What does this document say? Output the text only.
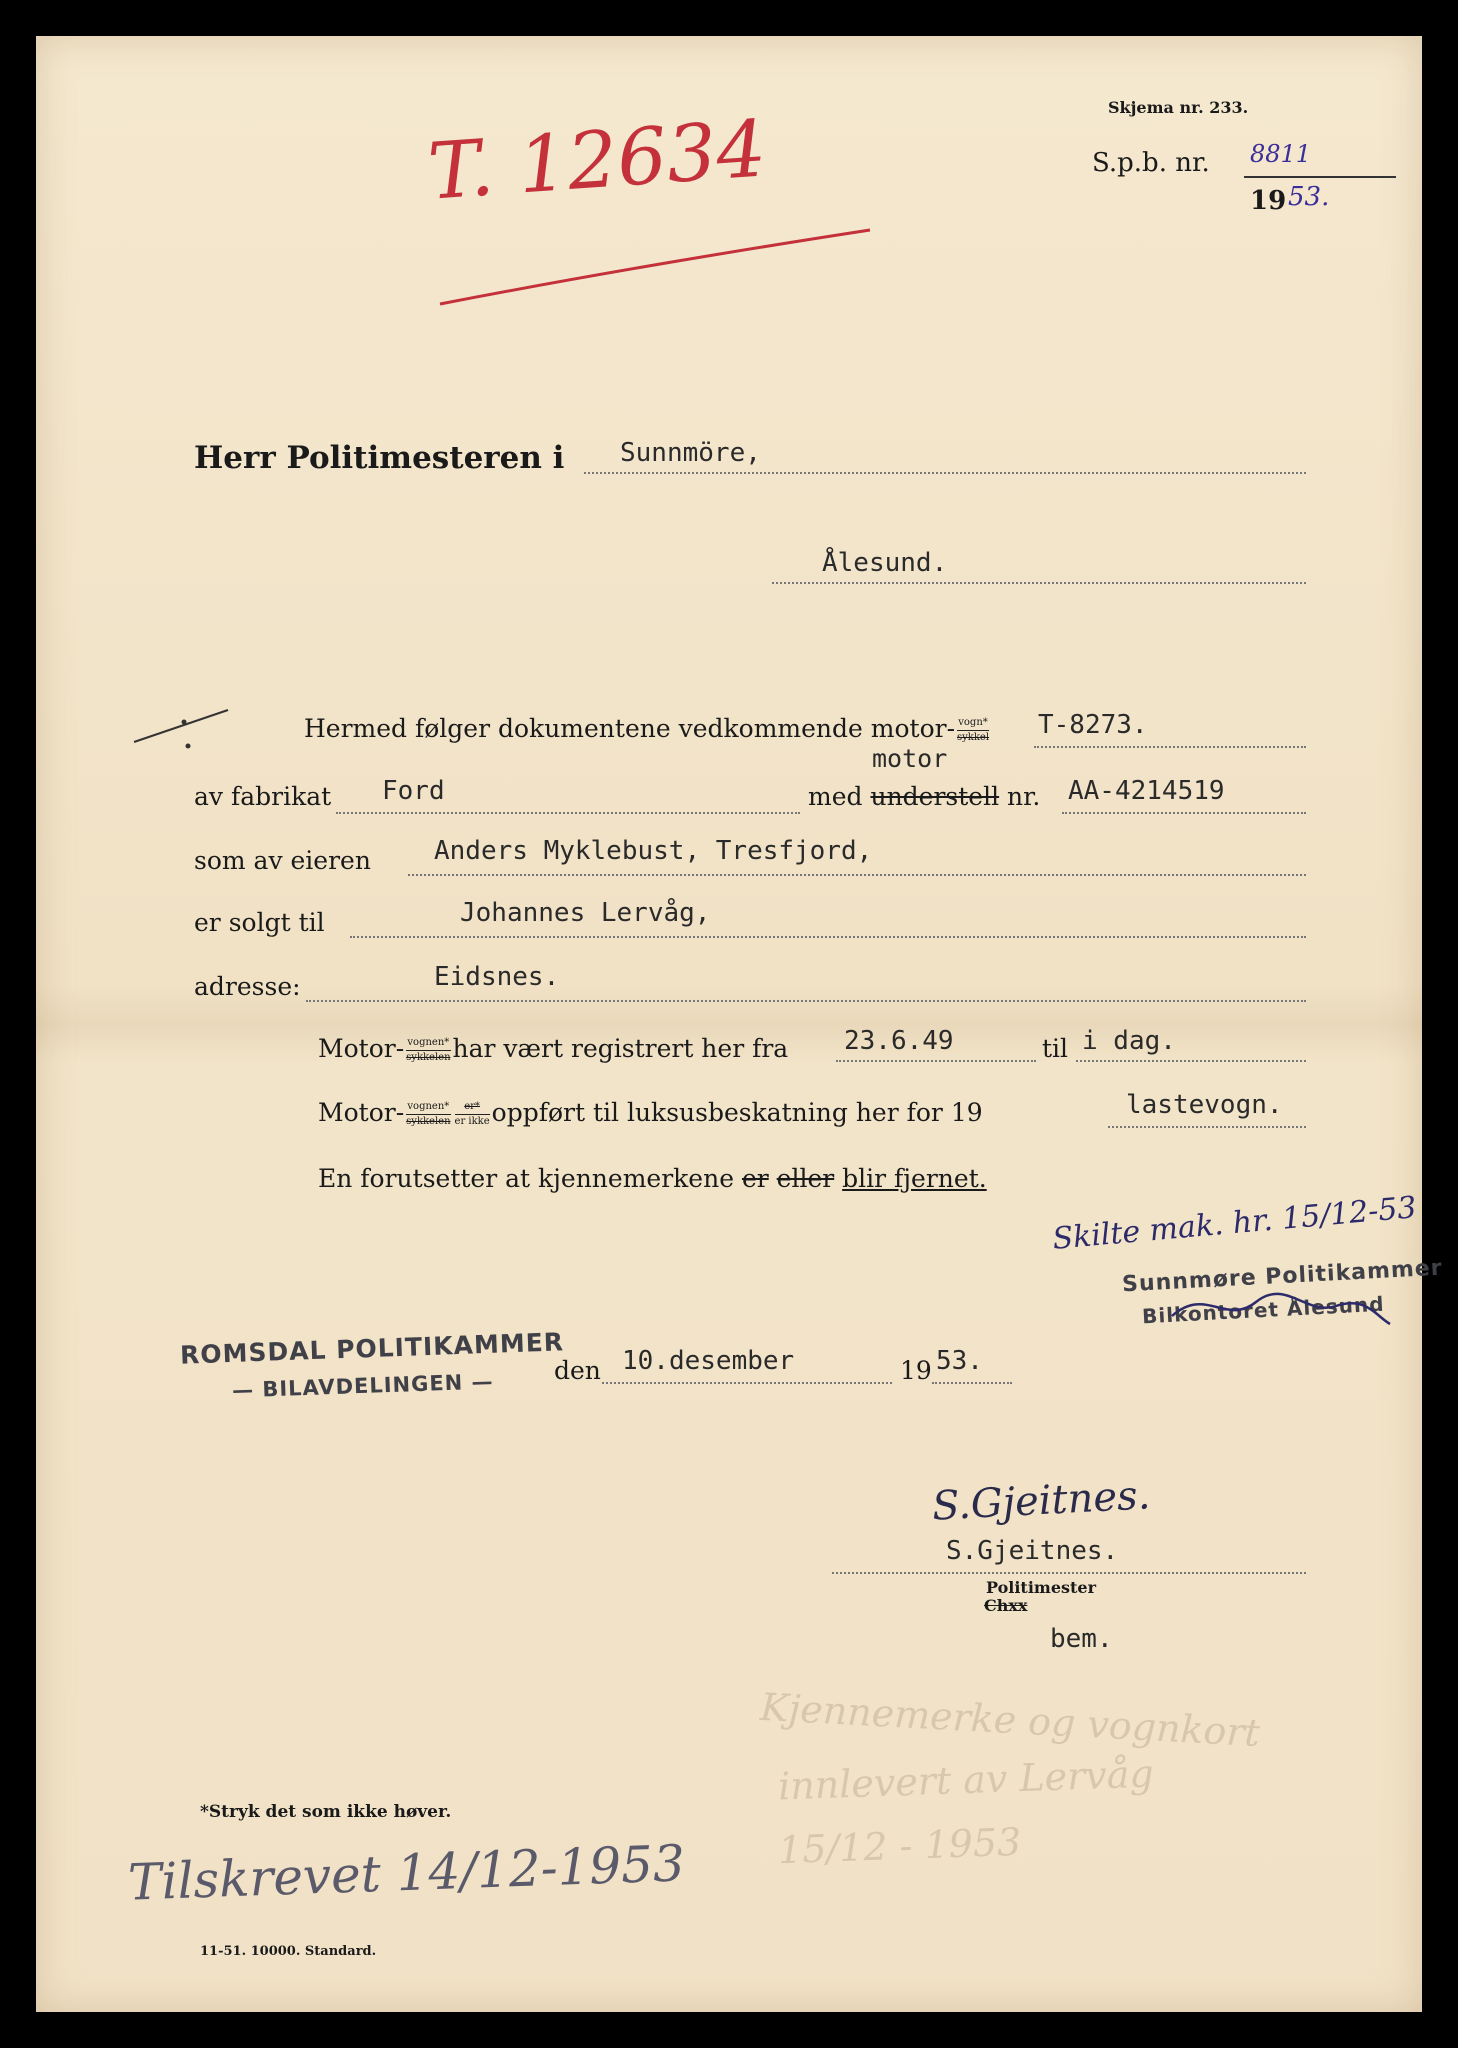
Skjema nr. 233.
T. 12634	S.p.b. nr. 8811
19 53.
Herr Politimesteren i Sunnmöre,
Ålesund.
Hermed følger dokumentene vedkommende motor- $\frac{\text{vogn*}}{\text{sykkel}} T-8273$.
av fabrikat Ford
motor
med understell nr. AA-4214519
som av eieren Anders Myklebust, Tresfjord,
er solgt til	Johannes Lervåg,
adresse:	Eidsnes.
Motor- $\frac{\text{vognen*}}{\text{sykkelen}}$ har vært registrert her fra 23.6.49	til i dag.
Motor- $\frac{\text{vognen*}}{\text{sykkelen}} \frac{er*}{\text{er ikke}}$ oppført til luksusbeskatning her for 19	lastevogn.
En forutsetter at kjennemerkene er eller blir fjernet.
Skilte mak. hr. 15/12-53
Sunnmøre Politikammer
Bilkontoret Ålesund
ROMSDAL POLITIKAMMER
— BILAVDELINGEN — den 10.desember	19 53.
S.Gjeitnes.
S.Gjeitnes.
Politimester
Chxx
bem.
Kjennemerke og vognkort
innlevert av Lervåg
15/12 - 1953
*Stryk det som ikke høver.
Tilskrevet 14/12-1953
11-51. 10000. Standard.
